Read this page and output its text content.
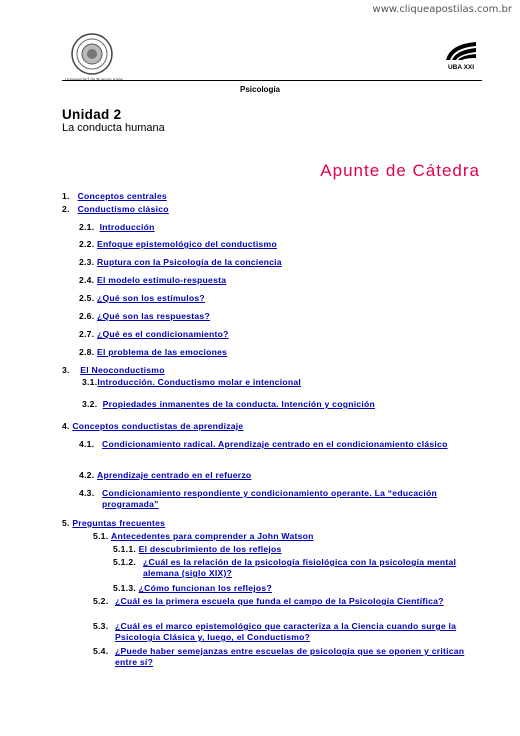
www.cliqueapostilas.com.br
UBA XXI
Psicología
Unidad 2
La conducta humana
Apunte de Cátedra
1. Conceptos centrales
2. Conductismo clásico
2.1. Introducción
2.2. Enfoque epistemológico del conductismo
2.3. Ruptura con la Psicología de la conciencia
2.4. El modelo estímulo-respuesta
2.5. ¿Qué son los estímulos?
2.6. ¿Qué son las respuestas?
2.7. ¿Qué es el condicionamiento?
2.8. El problema de las emociones
3. El Neoconductismo
3.1.Introducción. Conductismo molar e intencional
3.2. Propiedades inmanentes de la conducta. Intención y cognición
4. Conceptos conductistas de aprendizaje
4.1. Condicionamiento radical. Aprendizaje centrado en el condicionamiento clásico
4.2. Aprendizaje centrado en el refuerzo
4.3. Condicionamiento respondiente y condicionamiento operante. La “educación programada”
5. Preguntas frecuentes
5.1. Antecedentes para comprender a John Watson
5.1.1. El descubrimiento de los reflejos
5.1.2. ¿Cuál es la relación de la psicología fisiológica con la psicología mental alemana (siglo XIX)?
5.1.3. ¿Cómo funcionan los reflejos?
5.2. ¿Cuál es la primera escuela que funda el campo de la Psicología Científica?
5.3. ¿Cuál es el marco epistemológico que caracteriza a la Ciencia cuando surge la Psicología Clásica y, luego, el Conductismo?
5.4. ¿Puede haber semejanzas entre escuelas de psicología que se oponen y critican entre sí?
